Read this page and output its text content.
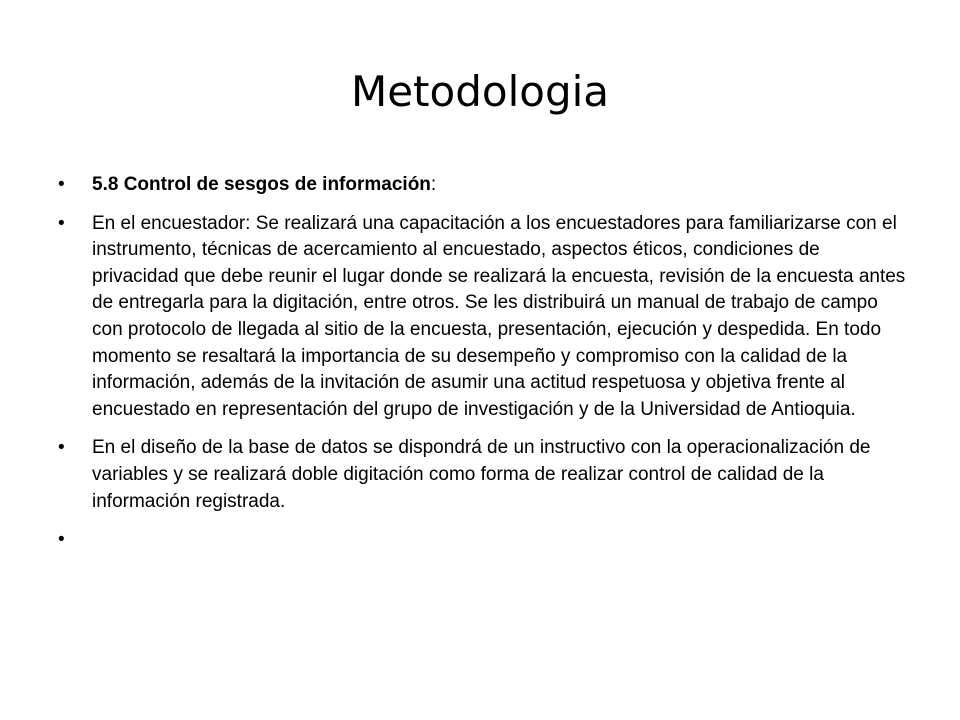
Metodologia
• 5.8 Control de sesgos de información:
• En el encuestador: Se realizará una capacitación a los encuestadores para familiarizarse con el instrumento, técnicas de acercamiento al encuestado, aspectos éticos, condiciones de privacidad que debe reunir el lugar donde se realizará la encuesta, revisión de la encuesta antes de entregarla para la digitación, entre otros. Se les distribuirá un manual de trabajo de campo con protocolo de llegada al sitio de la encuesta, presentación, ejecución y despedida. En todo momento se resaltará la importancia de su desempeño y compromiso con la calidad de la información, además de la invitación de asumir una actitud respetuosa y objetiva frente al encuestado en representación del grupo de investigación y de la Universidad de Antioquia.
• En el diseño de la base de datos se dispondrá de un instructivo con la operacionalización de variables y se realizará doble digitación como forma de realizar control de calidad de la información registrada.
•
